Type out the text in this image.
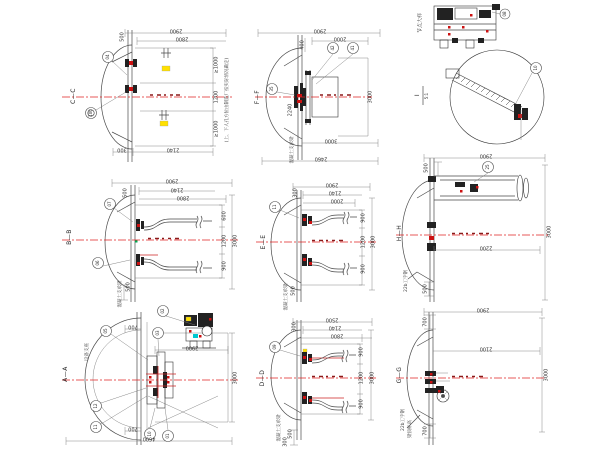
C—C
04
100
2900
2800
500
≥1000
1200
≥1000
2140
300
(上、下人孔方位由制造厂按实际情况确定)	F—F
42	41
35
2900
2000
400
2240
3000
3000
2460
混凝土支承梁
节点大样	08
I 5:1
10
B—B
07
06
2900
2140
2800
500
600
1200
900
3000
500
混凝土支承梁
E—E
11
2900
2140
2000
300
900
1200
900
3000
500
混凝土支承梁
H—H
25
2900
500
2200
3000
500
22b工字钢
A—A
02
05	03
12
11
10	01
700
2900
3000
4600
700
设备支座
D—D
09
2500
2140
2800
300
900
1200
900
3000
500
300
混凝土支承梁
G—G
2900
700
2100
3000
700
22b工字钢 梁顶标高
